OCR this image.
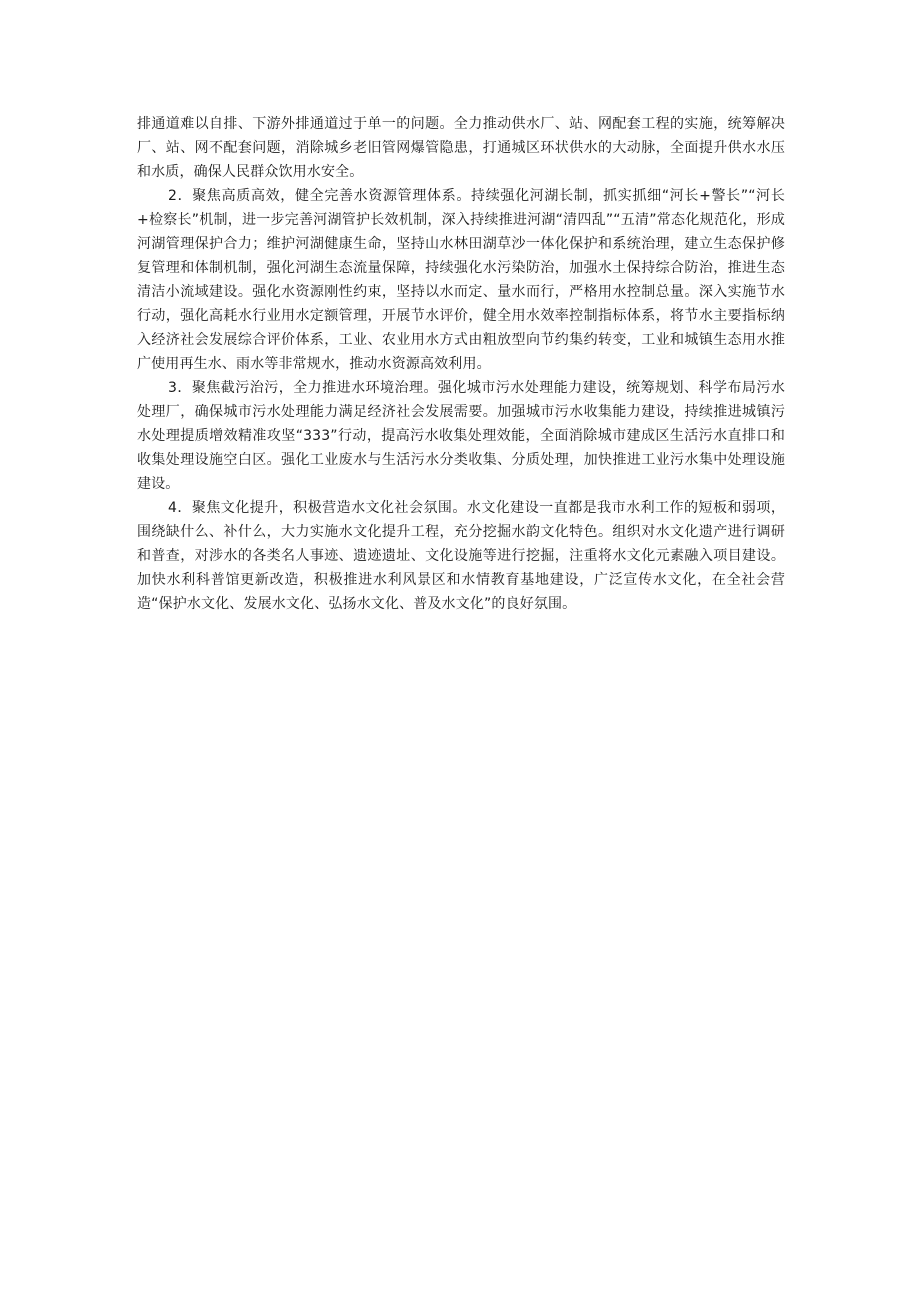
排通道难以自排、下游外排通道过于单一的问题。全力推动供水厂、站、网配套工程的实施，统筹解决厂、站、网不配套问题，消除城乡老旧管网爆管隐患，打通城区环状供水的大动脉，全面提升供水水压和水质，确保人民群众饮用水安全。

2．聚焦高质高效，健全完善水资源管理体系。持续强化河湖长制，抓实抓细“河长+警长”“河长+检察长”机制，进一步完善河湖管护长效机制，深入持续推进河湖“清四乱”“五清”常态化规范化，形成河湖管理保护合力；维护河湖健康生命，坚持山水林田湖草沙一体化保护和系统治理，建立生态保护修复管理和体制机制，强化河湖生态流量保障，持续强化水污染防治，加强水土保持综合防治，推进生态清洁小流域建设。强化水资源刚性约束，坚持以水而定、量水而行，严格用水控制总量。深入实施节水行动，强化高耗水行业用水定额管理，开展节水评价，健全用水效率控制指标体系，将节水主要指标纳入经济社会发展综合评价体系，工业、农业用水方式由粗放型向节约集约转变，工业和城镇生态用水推广使用再生水、雨水等非常规水，推动水资源高效利用。

3．聚焦截污治污，全力推进水环境治理。强化城市污水处理能力建设，统筹规划、科学布局污水处理厂，确保城市污水处理能力满足经济社会发展需要。加强城市污水收集能力建设，持续推进城镇污水处理提质增效精准攻坚“333”行动，提高污水收集处理效能，全面消除城市建成区生活污水直排口和收集处理设施空白区。强化工业废水与生活污水分类收集、分质处理，加快推进工业污水集中处理设施建设。

4．聚焦文化提升，积极营造水文化社会氛围。水文化建设一直都是我市水利工作的短板和弱项，围绕缺什么、补什么，大力实施水文化提升工程，充分挖掘水韵文化特色。组织对水文化遗产进行调研和普查，对涉水的各类名人事迹、遗迹遗址、文化设施等进行挖掘，注重将水文化元素融入项目建设。加快水利科普馆更新改造，积极推进水利风景区和水情教育基地建设，广泛宣传水文化，在全社会营造“保护水文化、发展水文化、弘扬水文化、普及水文化”的良好氛围。
